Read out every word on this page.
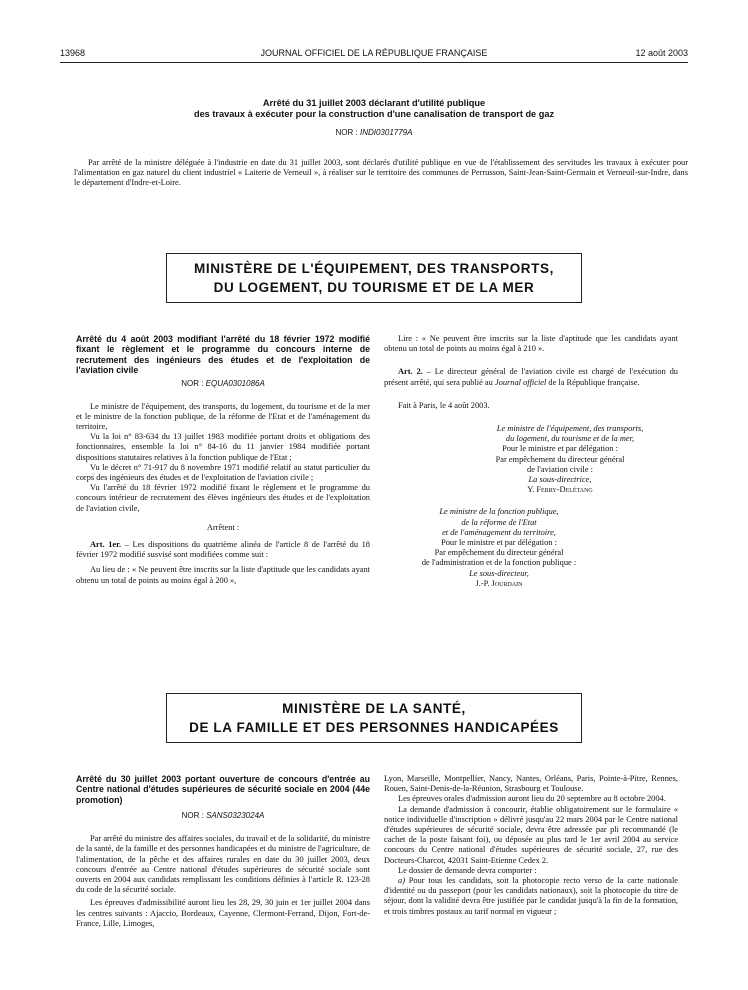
13968	JOURNAL OFFICIEL DE LA RÉPUBLIQUE FRANÇAISE	12 août 2003
Arrêté du 31 juillet 2003 déclarant d'utilité publique
des travaux à exécuter pour la construction d'une canalisation de transport de gaz
NOR : INDI0301779A

Par arrêté de la ministre déléguée à l'industrie en date du 31 juillet 2003, sont déclarés d'utilité publique en vue de l'établissement des servitudes les travaux à exécuter pour l'alimentation en gaz naturel du client industriel « Laiterie de Verneuil », à réaliser sur le territoire des communes de Perrusson, Saint-Jean-Saint-Germain et Verneuil-sur-Indre, dans le département d'Indre-et-Loire.

MINISTÈRE DE L'ÉQUIPEMENT, DES TRANSPORTS,
DU LOGEMENT, DU TOURISME ET DE LA MER

Arrêté du 4 août 2003 modifiant l'arrêté du 18 février 1972 modifié fixant le règlement et le programme du concours interne de recrutement des ingénieurs des études et de l'exploitation de l'aviation civile

NOR : EQUA0301086A

Le ministre de l'équipement, des transports, du logement, du tourisme et de la mer et le ministre de la fonction publique, de la réforme de l'Etat et de l'aménagement du territoire,

Vu la loi n° 83-634 du 13 juillet 1983 modifiée portant droits et obligations des fonctionnaires, ensemble la loi n° 84-16 du 11 janvier 1984 modifiée portant dispositions statutaires relatives à la fonction publique de l'Etat ;

Vu le décret n° 71-917 du 8 novembre 1971 modifié relatif au statut particulier du corps des ingénieurs des études et de l'exploitation de l'aviation civile ;

Vu l'arrêté du 18 février 1972 modifié fixant le règlement et le programme du concours intérieur de recrutement des élèves ingénieurs des études et de l'exploitation de l'aviation civile,

Arrêtent :

Art. 1er. – Les dispositions du quatrième alinéa de l'article 8 de l'arrêté du 18 février 1972 modifié susvisé sont modifiées comme suit :

Au lieu de : « Ne peuvent être inscrits sur la liste d'aptitude que les candidats ayant obtenu un total de points au moins égal à 200 »,

Lire : « Ne peuvent être inscrits sur la liste d'aptitude que les candidats ayant obtenu un total de points au moins égal à 210 ».

Art. 2. – Le directeur général de l'aviation civile est chargé de l'exécution du présent arrêté, qui sera publié au Journal officiel de la République française.

Fait à Paris, le 4 août 2003.

Le ministre de l'équipement, des transports,
du logement, du tourisme et de la mer,
Pour le ministre et par délégation :
Par empêchement du directeur général
de l'aviation civile :
La sous-directrice,
Y. Ferry-Delétang
Le ministre de la fonction publique,
de la réforme de l'Etat
et de l'aménagement du territoire,
Pour le ministre et par délégation :
Par empêchement du directeur général
de l'administration et de la fonction publique :
Le sous-directeur,
J.-P. Jourdain
MINISTÈRE DE LA SANTÉ,
DE LA FAMILLE ET DES PERSONNES HANDICAPÉES

Arrêté du 30 juillet 2003 portant ouverture de concours d'entrée au Centre national d'études supérieures de sécurité sociale en 2004 (44e promotion)

NOR : SANS0323024A

Par arrêté du ministre des affaires sociales, du travail et de la solidarité, du ministre de la santé, de la famille et des personnes handicapées et du ministre de l'agriculture, de l'alimentation, de la pêche et des affaires rurales en date du 30 juillet 2003, deux concours d'entrée au Centre national d'études supérieures de sécurité sociale sont ouverts en 2004 aux candidats remplissant les conditions définies à l'article R. 123-28 du code de la sécurité sociale.

Les épreuves d'admissibilité auront lieu les 28, 29, 30 juin et 1er juillet 2004 dans les centres suivants : Ajaccio, Bordeaux, Cayenne, Clermont-Ferrand, Dijon, Fort-de-France, Lille, Limoges,

Lyon, Marseille, Montpellier, Nancy, Nantes, Orléans, Paris, Pointe-à-Pitre, Rennes, Rouen, Saint-Denis-de-la-Réunion, Strasbourg et Toulouse.

Les épreuves orales d'admission auront lieu du 20 septembre au 8 octobre 2004.

La demande d'admission à concourir, établie obligatoirement sur le formulaire « notice individuelle d'inscription » délivré jusqu'au 22 mars 2004 par le Centre national d'études supérieures de sécurité sociale, devra être adressée par pli recommandé (le cachet de la poste faisant foi), ou déposée au plus tard le 1er avril 2004 au service concours du Centre national d'études supérieures de sécurité sociale, 27, rue des Docteurs-Charcot, 42031 Saint-Etienne Cedex 2.

Le dossier de demande devra comporter :

a) Pour tous les candidats, soit la photocopie recto verso de la carte nationale d'identité ou du passeport (pour les candidats nationaux), soit la photocopie du titre de séjour, dont la validité devra être justifiée par le candidat jusqu'à la fin de la formation, et trois timbres postaux au tarif normal en vigueur ;
